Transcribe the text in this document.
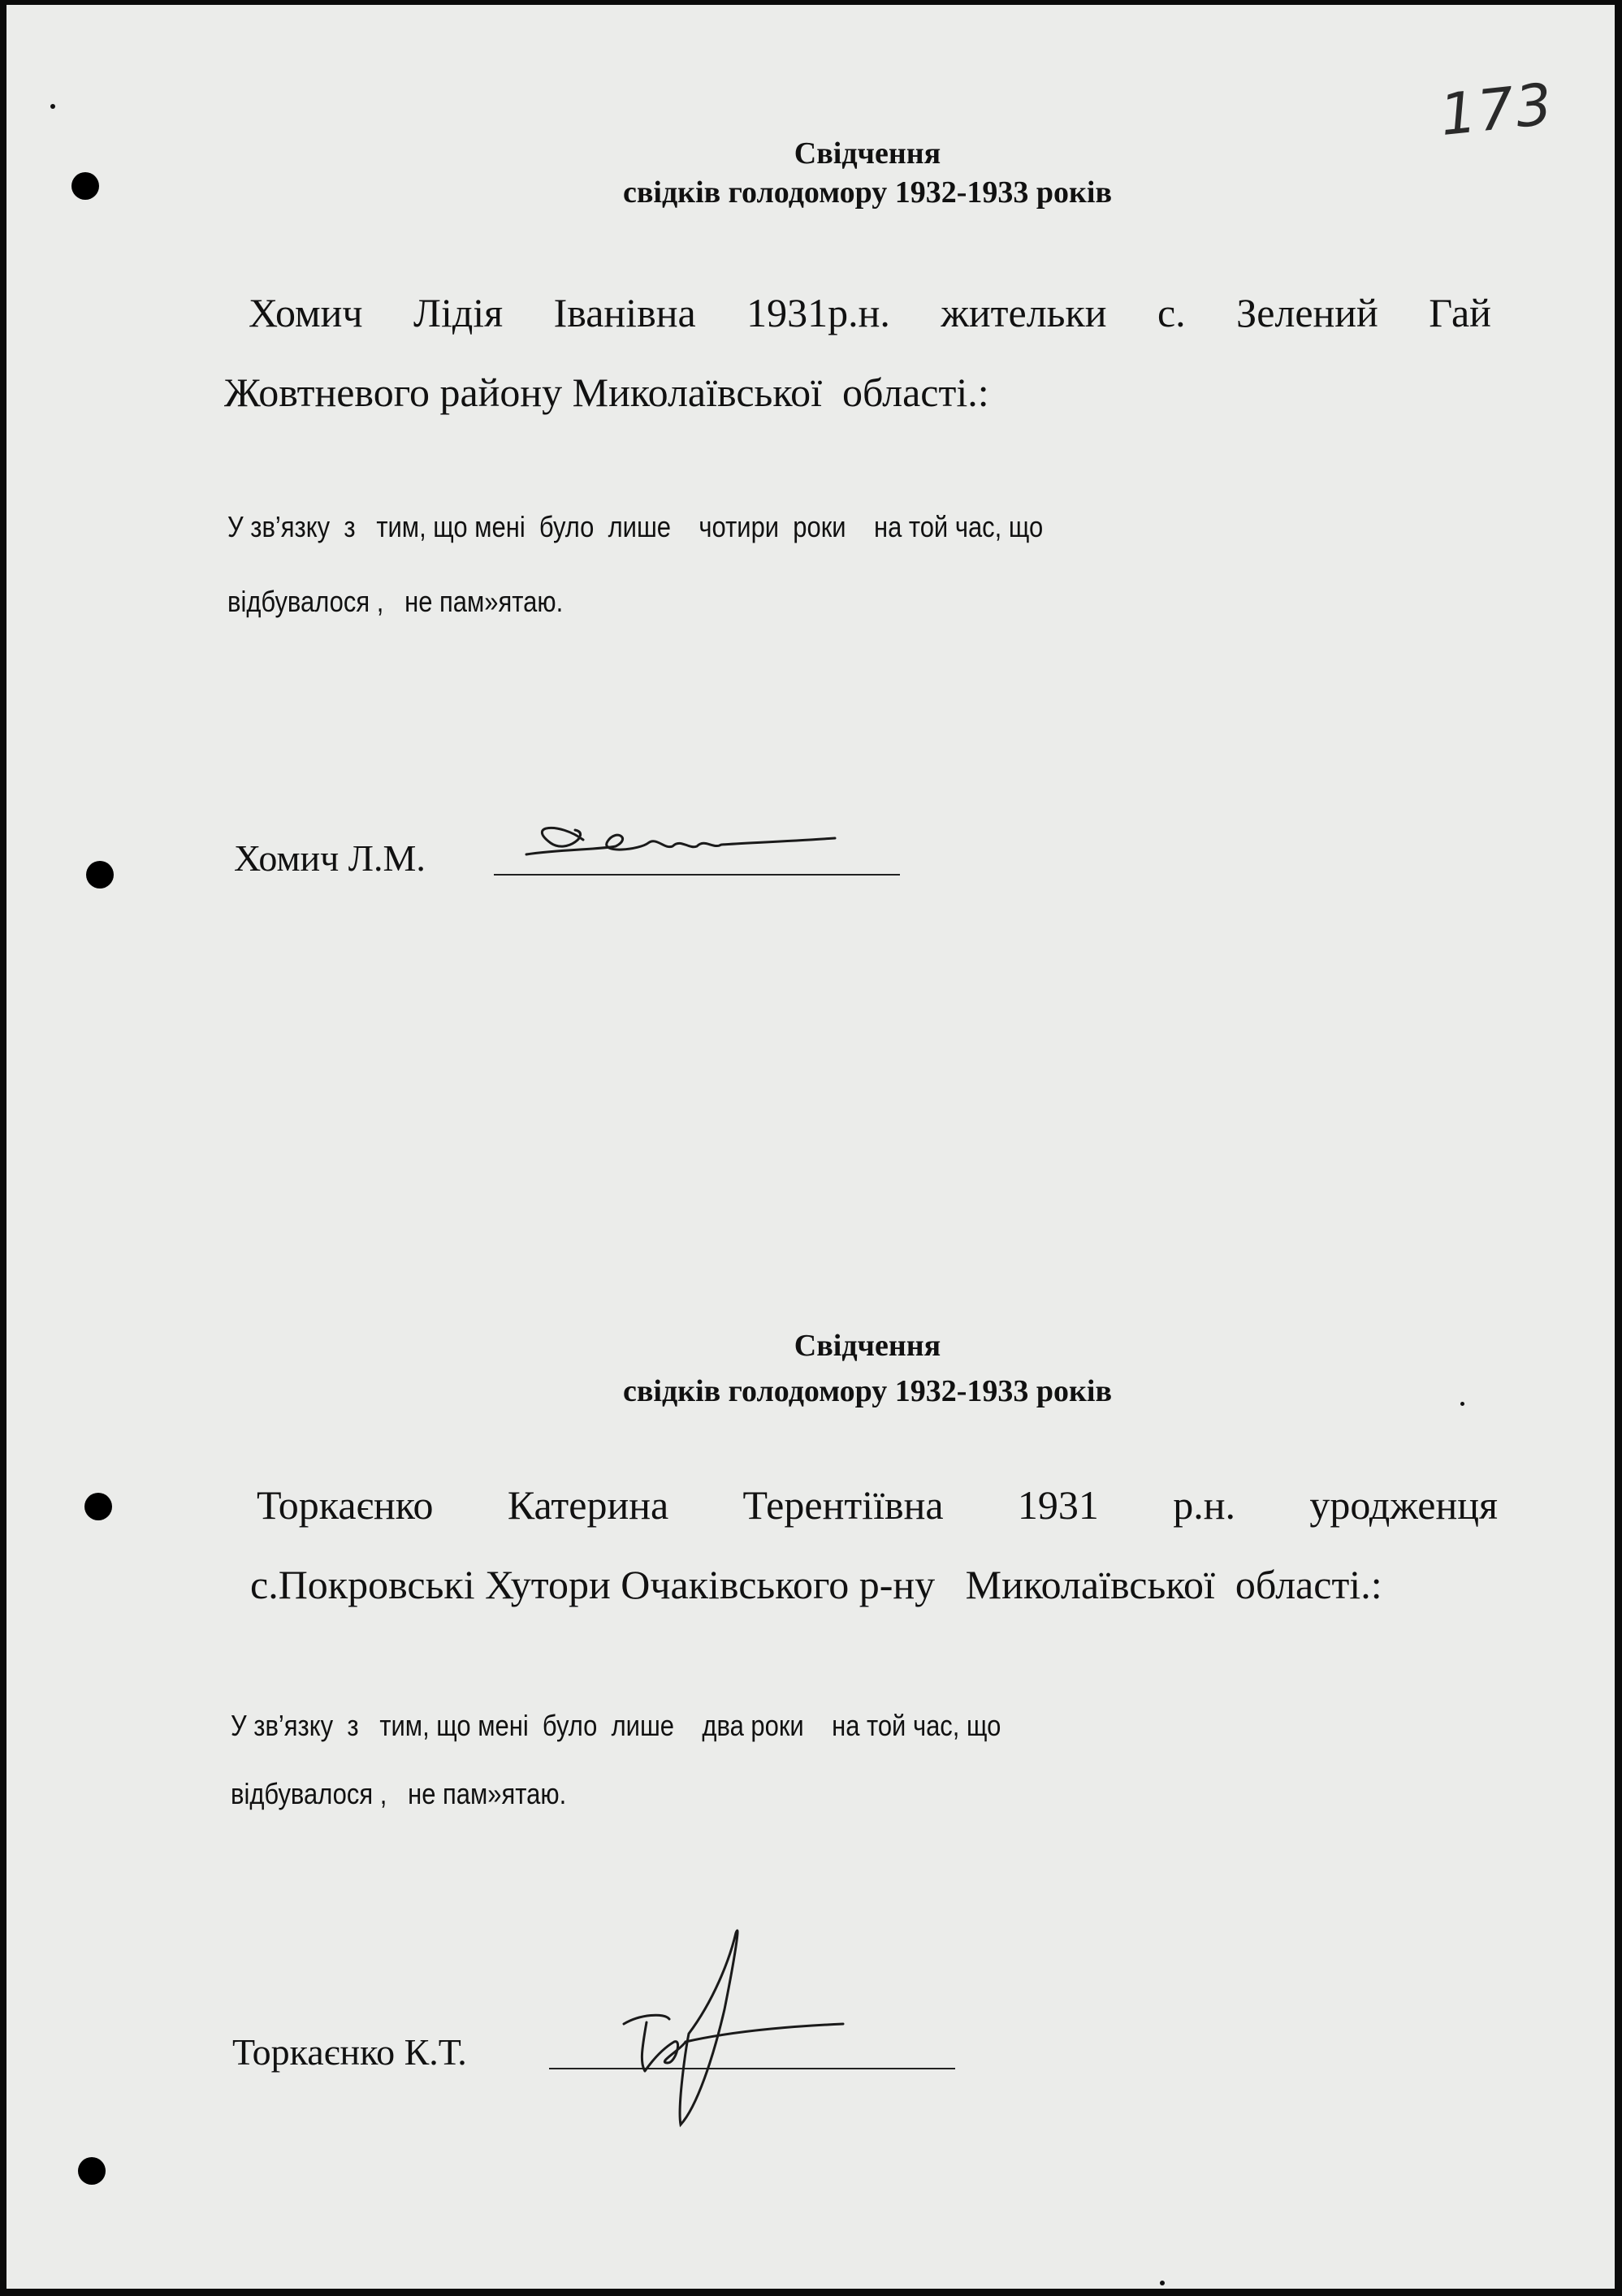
173
Свідчення
свідків голодомору 1932-1933 років
Хомич Лідія Іванівна 1931р.н. жительки с. Зелений Гай
Жовтневого району Миколаївської  області.:
У зв’язку  з   тим, що мені  було  лише    чотири  роки    на той час, що
відбувалося ,   не пам»ятаю.
Хомич Л.М.
Свідчення
свідків голодомору 1932-1933 років
Торкаєнко Катерина Терентіївна 1931 р.н. уродженця
с.Покровські Хутори Очаківського р-ну   Миколаївської  області.:
У зв’язку  з   тим, що мені  було  лише    два роки    на той час, що
відбувалося ,   не пам»ятаю.
Торкаєнко К.Т.
